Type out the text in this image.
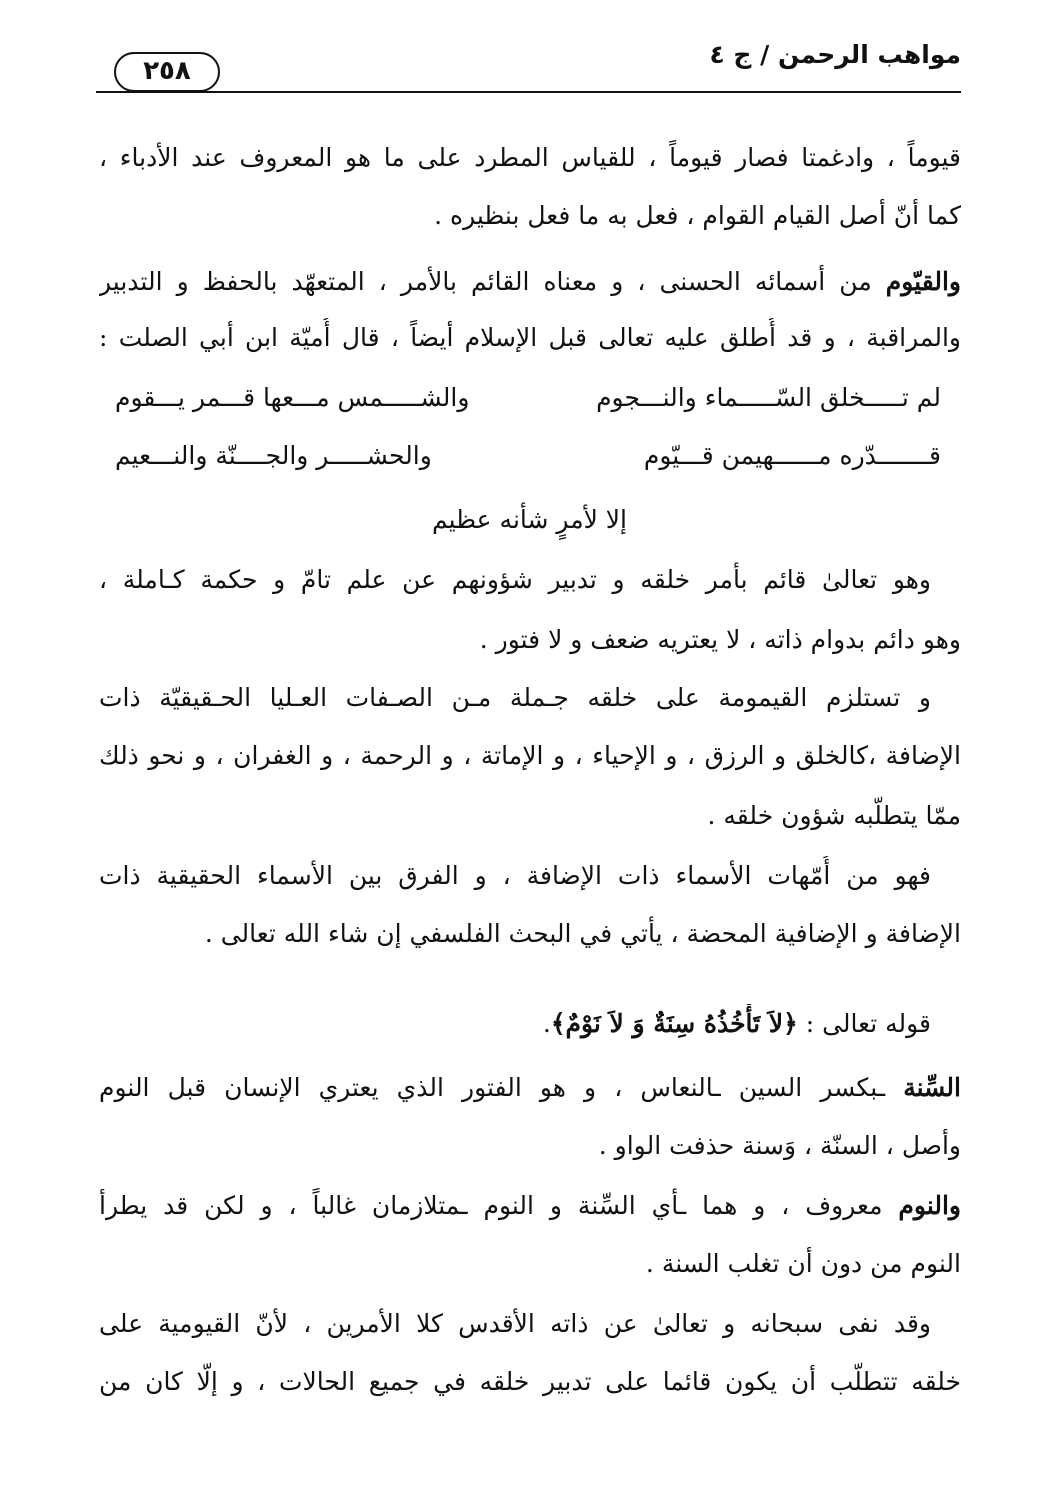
مواهب الرحمن / ج ٤
٢٥٨
قيوماً ، وادغمتا فصار قيوماً ، للقياس المطرد على ما هو المعروف عند الأدباء ،
كما أنّ أصل القيام القوام ، فعل به ما فعل بنظيره .
والقيّوم من أسمائه الحسنى ، و معناه القائم بالأمر ، المتعهّد بالحفظ و التدبير
والمراقبة ، و قد أُطلق عليه تعالى قبل الإسلام أيضاً ، قال أُميّة ابن أبي الصلت :
لم تـــــخلق السّـــــماء والنـــجوم
والشـــــمس مـــعها قـــمر يـــقوم
قـــــــدّره مــــــهيمن قـــيّوم
والحشـــــر والجــــنّة والنـــعيم
إلا لأمرٍ شأنه عظيم
وهو تعالىٰ قائم بأمر خلقه و تدبير شؤونهم عن علم تامّ و حكمة كـاملة ،
وهو دائم بدوام ذاته ، لا يعتريه ضعف و لا فتور .
و تستلزم القيمومة على خلقه جـملة مـن الصـفات العـليا الحـقيقيّة ذات
الإضافة ،كالخلق و الرزق ، و الإحياء ، و الإماتة ، و الرحمة ، و الغفران ، و نحو ذلك
ممّا يتطلّبه شؤون خلقه .
فهو من أُمّهات الأسماء ذات الإضافة ، و الفرق بين الأسماء الحقيقية ذات
الإضافة و الإضافية المحضة ، يأتي في البحث الفلسفي إن شاء الله تعالى .
قوله تعالى : ﴿لاَ تَأْخُذُهُ سِنَةٌ وَ لاَ نَوْمٌ﴾.
السِّنة ـبكسر السين ـالنعاس ، و هو الفتور الذي يعتري الإنسان قبل النوم
وأصل ، السنّة ، وَسنة حذفت الواو .
والنوم معروف ، و هما ـأي السِّنة و النوم ـمتلازمان غالباً ، و لكن قد يطرأ
النوم من دون أن تغلب السنة .
وقد نفى سبحانه و تعالىٰ عن ذاته الأقدس كلا الأمرين ، لأنّ القيومية على
خلقه تتطلّب أن يكون قائما على تدبير خلقه في جميع الحالات ، و إلّا كان من
